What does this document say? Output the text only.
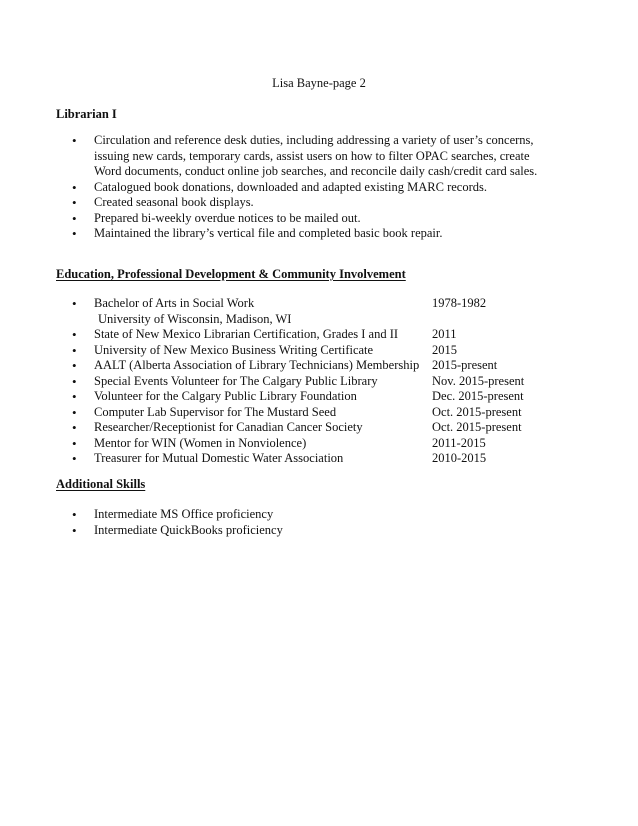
Lisa Bayne-page 2
Librarian I
• Circulation and reference desk duties, including addressing a variety of user’s concerns, issuing new cards, temporary cards, assist users on how to filter OPAC searches, create Word documents, conduct online job searches, and reconcile daily cash/credit card sales.
• Catalogued book donations, downloaded and adapted existing MARC records.
• Created seasonal book displays.
• Prepared bi-weekly overdue notices to be mailed out.
• Maintained the library’s vertical file and completed basic book repair.
Education, Professional Development & Community Involvement
• Bachelor of Arts in Social Work	1978-1982
University of Wisconsin, Madison, WI
• State of New Mexico Librarian Certification, Grades I and II	2011
• University of New Mexico Business Writing Certificate	2015
• AALT (Alberta Association of Library Technicians) Membership	2015-present
• Special Events Volunteer for The Calgary Public Library	Nov. 2015-present
• Volunteer for the Calgary Public Library Foundation	Dec. 2015-present
• Computer Lab Supervisor for The Mustard Seed	Oct. 2015-present
• Researcher/Receptionist for Canadian Cancer Society	Oct. 2015-present
• Mentor for WIN (Women in Nonviolence)	2011-2015
• Treasurer for Mutual Domestic Water Association	2010-2015
Additional Skills
• Intermediate MS Office proficiency
• Intermediate QuickBooks proficiency
